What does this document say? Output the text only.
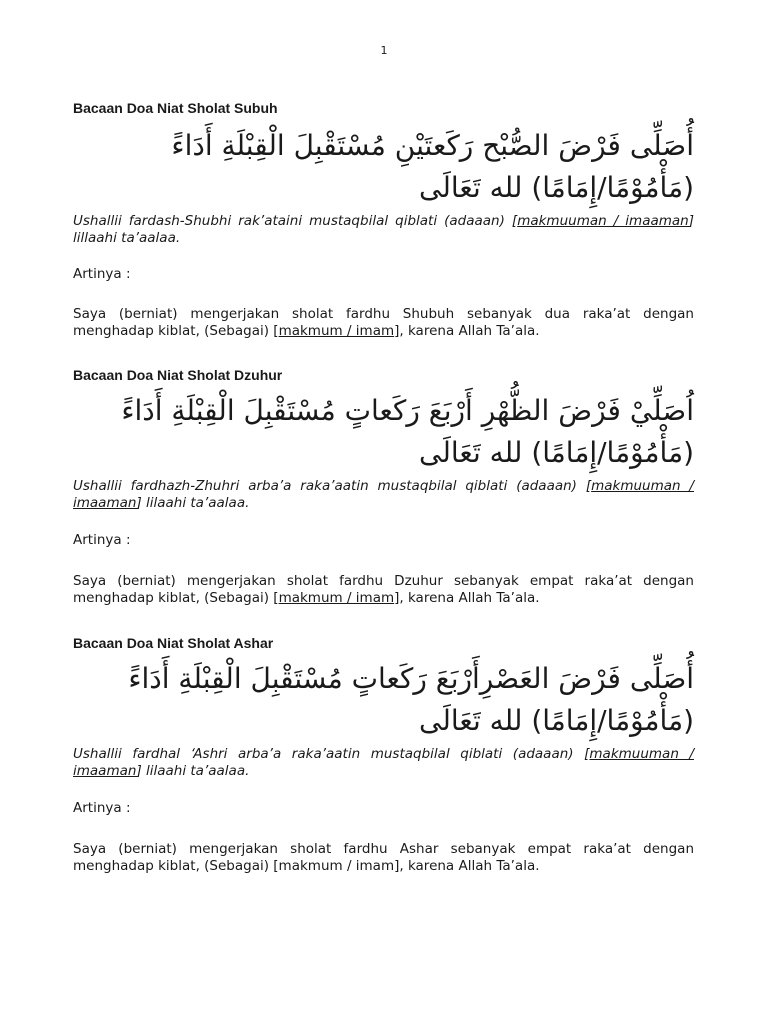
1

Bacaan Doa Niat Sholat Subuh

أُصَلِّى فَرْضَ الصُّبْح رَكَعتَيْنِ مُسْتَقْبِلَ الْقِبْلَةِ أَدَاءً (مَأْمُوْمًا/إِمَامًا) لله تَعَالَى

Ushallii fardash-Shubhi rak’ataini mustaqbilal qiblati (adaaan) [makmuuman / imaaman] lillaahi ta’aalaa.

Artinya :

Saya (berniat) mengerjakan sholat fardhu Shubuh sebanyak dua raka’at dengan menghadap kiblat, (Sebagai) [makmum / imam], karena Allah Ta’ala.

Bacaan Doa Niat Sholat Dzuhur

اُصَلِّيْ فَرْضَ الظُّهْرِ أَرْبَعَ رَكَعاتٍ مُسْتَقْبِلَ الْقِبْلَةِ أَدَاءً (مَأْمُوْمًا/إِمَامًا) لله تَعَالَى

Ushallii fardhazh-Zhuhri arba’a raka’aatin mustaqbilal qiblati (adaaan) [makmuuman / imaaman] lilaahi ta’aalaa.

Artinya :

Saya (berniat) mengerjakan sholat fardhu Dzuhur sebanyak empat raka’at dengan menghadap kiblat, (Sebagai) [makmum / imam], karena Allah Ta’ala.

Bacaan Doa Niat Sholat Ashar

أُصَلِّى فَرْضَ العَصْرِأَرْبَعَ رَكَعاتٍ مُسْتَقْبِلَ الْقِبْلَةِ أَدَاءً (مَأْمُوْمًا/إِمَامًا) لله تَعَالَى

Ushallii fardhal ‘Ashri arba’a raka’aatin mustaqbilal qiblati (adaaan) [makmuuman / imaaman] lilaahi ta’aalaa.

Artinya :

Saya (berniat) mengerjakan sholat fardhu Ashar sebanyak empat raka’at dengan menghadap kiblat, (Sebagai) [makmum / imam], karena Allah Ta’ala.
